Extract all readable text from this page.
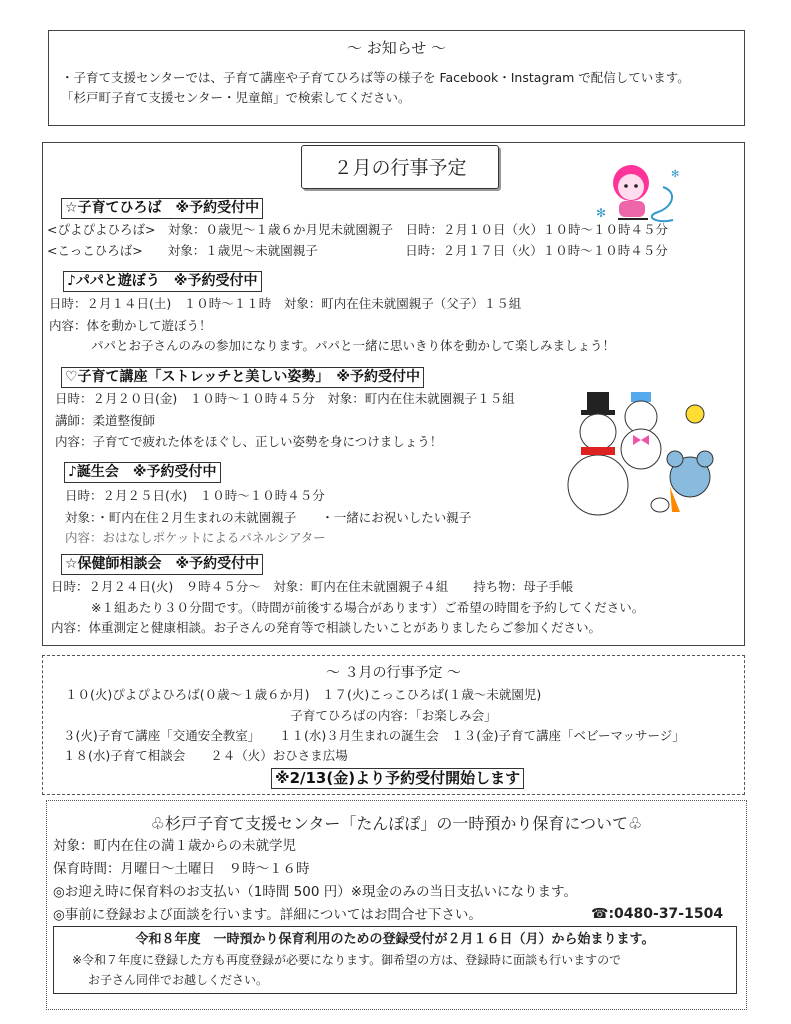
～ お知らせ ～
・子育て支援センターでは、子育て講座や子育てひろば等の様子を Facebook・Instagram で配信しています。
「杉戸町子育て支援センター・児童館」で検索してください。
２月の行事予定
✻
✻
☆子育てひろば　※予約受付中
<ぴよぴよひろば>　対象：０歳児～１歳６か月児未就園親子　日時：２月１０日（火）１０時～１０時４５分
<こっこひろば>　　対象：１歳児～未就園親子　　　　　　　日時：２月１７日（火）１０時～１０時４５分
♪パパと遊ぼう　※予約受付中
日時：２月１４日(土)　１０時～１１時　対象：町内在住未就園親子（父子）１５組
内容：体を動かして遊ぼう！
パパとお子さんのみの参加になります。パパと一緒に思いきり体を動かして楽しみましょう！
♡子育て講座「ストレッチと美しい姿勢」　※予約受付中
日時：２月２０日(金)　１０時～１０時４５分　対象：町内在住未就園親子１５組
講師：柔道整復師
内容：子育てで疲れた体をほぐし、正しい姿勢を身につけましょう！
♪誕生会　※予約受付中
日時：２月２５日(水)　１０時～１０時４５分
対象：・町内在住２月生まれの未就園親子　　・一緒にお祝いしたい親子
内容：おはなしポケットによるパネルシアター
☆保健師相談会　※予約受付中
日時：２月２４日(火)　９時４５分～　対象：町内在住未就園親子４組　　持ち物：母子手帳
※１組あたり３０分間です。（時間が前後する場合があります）ご希望の時間を予約してください。
内容：体重測定と健康相談。お子さんの発育等で相談したいことがありましたらご参加ください。
～ ３月の行事予定 ～
１０(火)ぴよぴよひろば(０歳～１歳６か月)　１７(火)こっこひろば(１歳～未就園児)
子育てひろばの内容：「お楽しみ会」
３(火)子育て講座「交通安全教室」　　１１(水)３月生まれの誕生会　１３(金)子育て講座「ベビーマッサージ」
１８(水)子育て相談会　　２４（火）おひさま広場
※2/13(金)より予約受付開始します
♧杉戸子育て支援センター「たんぽぽ」の一時預かり保育について♧
対象：町内在住の満１歳からの未就学児
保育時間：月曜日～土曜日　９時～１６時
◎お迎え時に保育料のお支払い（1時間 500 円）※現金のみの当日支払いになります。
◎事前に登録および面談を行います。詳細についてはお問合せ下さい。	☎:0480-37-1504
令和８年度　一時預かり保育利用のための登録受付が２月１６日（月）から始まります。
※令和７年度に登録した方も再度登録が必要になります。御希望の方は、登録時に面談も行いますので
お子さん同伴でお越しください。
